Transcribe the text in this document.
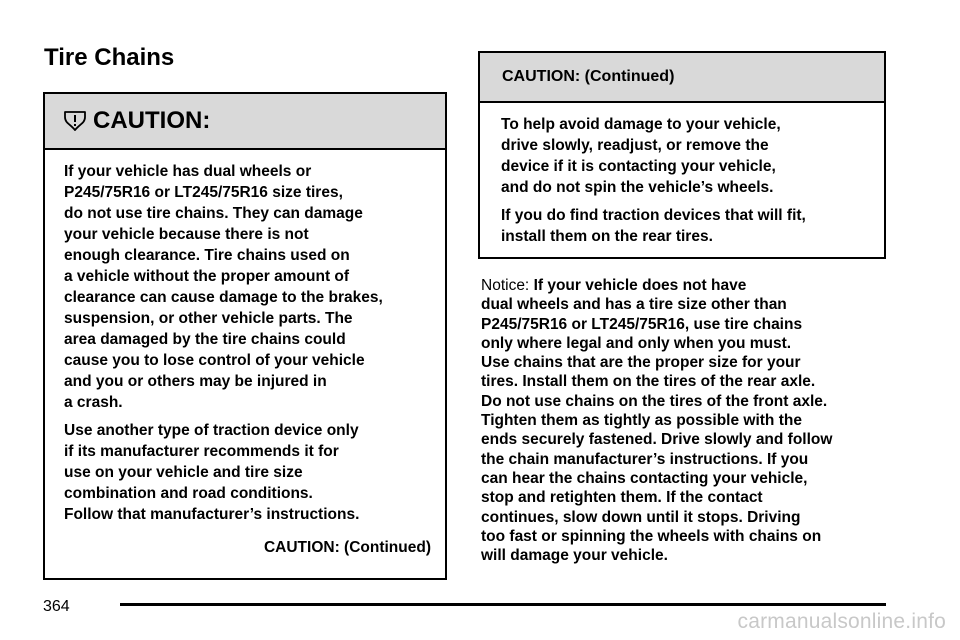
Tire Chains
CAUTION:

If your vehicle has dual wheels or
P245/75R16 or LT245/75R16 size tires,
do not use tire chains. They can damage
your vehicle because there is not
enough clearance. Tire chains used on
a vehicle without the proper amount of
clearance can cause damage to the brakes,
suspension, or other vehicle parts. The
area damaged by the tire chains could
cause you to lose control of your vehicle
and you or others may be injured in
a crash.

Use another type of traction device only
if its manufacturer recommends it for
use on your vehicle and tire size
combination and road conditions.
Follow that manufacturer’s instructions.

CAUTION: (Continued)
CAUTION: (Continued)

To help avoid damage to your vehicle,
drive slowly, readjust, or remove the
device if it is contacting your vehicle,
and do not spin the vehicle’s wheels.

If you do find traction devices that will fit,
install them on the rear tires.

Notice: If your vehicle does not have
dual wheels and has a tire size other than
P245/75R16 or LT245/75R16, use tire chains
only where legal and only when you must.
Use chains that are the proper size for your
tires. Install them on the tires of the rear axle.
Do not use chains on the tires of the front axle.
Tighten them as tightly as possible with the
ends securely fastened. Drive slowly and follow
the chain manufacturer’s instructions. If you
can hear the chains contacting your vehicle,
stop and retighten them. If the contact
continues, slow down until it stops. Driving
too fast or spinning the wheels with chains on
will damage your vehicle.

364
carmanualsonline.info
